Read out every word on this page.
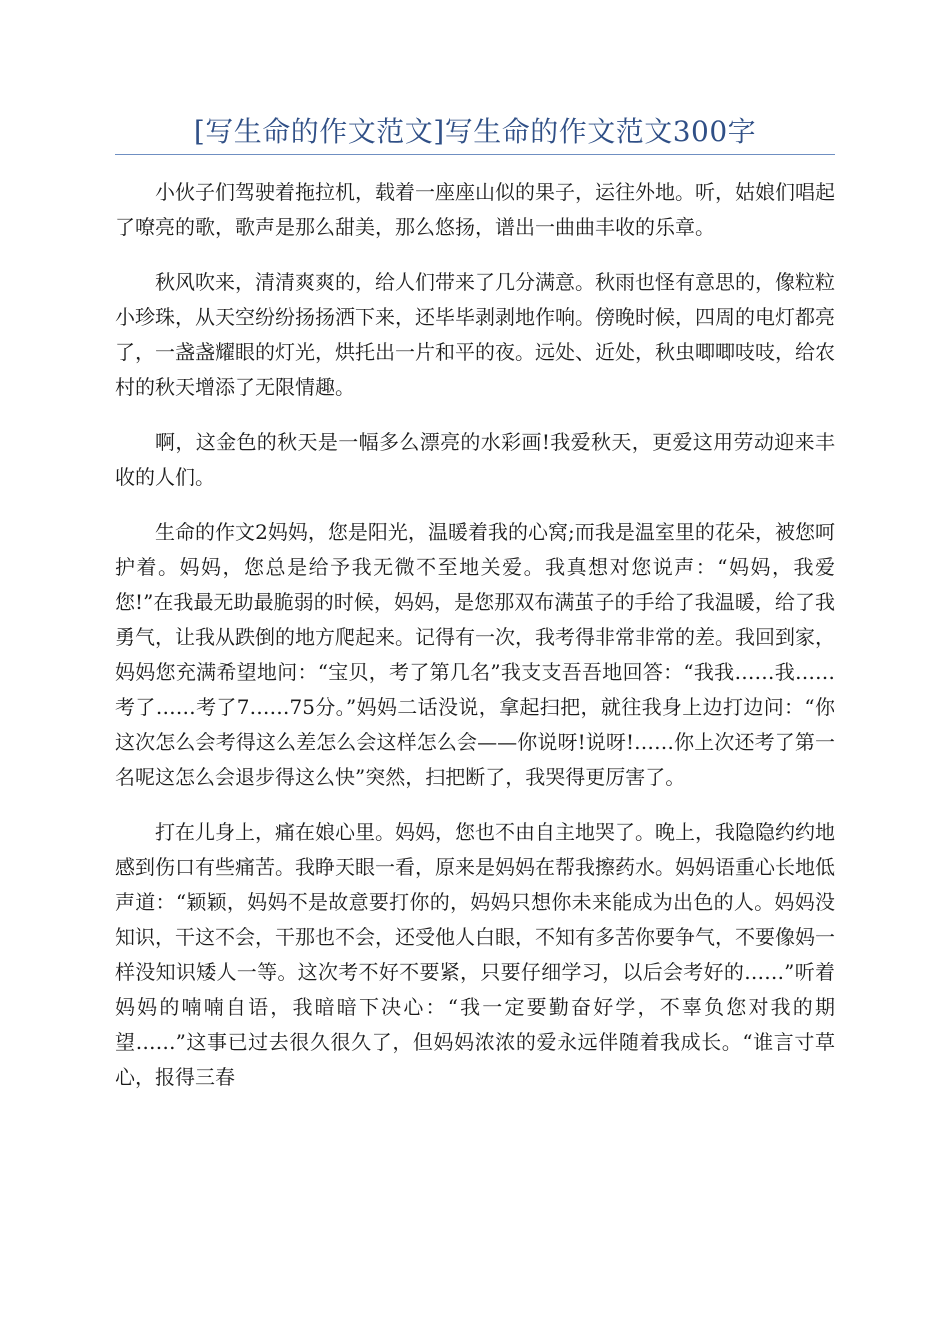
[写生命的作文范文]写生命的作文范文300字

小伙子们驾驶着拖拉机，载着一座座山似的果子，运往外地。听，姑娘们唱起了嘹亮的歌，歌声是那么甜美，那么悠扬，谱出一曲曲丰收的乐章。

秋风吹来，清清爽爽的，给人们带来了几分满意。秋雨也怪有意思的，像粒粒小珍珠，从天空纷纷扬扬洒下来，还毕毕剥剥地作响。傍晚时候，四周的电灯都亮了，一盏盏耀眼的灯光，烘托出一片和平的夜。远处、近处，秋虫唧唧吱吱，给农村的秋天增添了无限情趣。

啊，这金色的秋天是一幅多么漂亮的水彩画!我爱秋天，更爱这用劳动迎来丰收的人们。

生命的作文2妈妈，您是阳光，温暖着我的心窝;而我是温室里的花朵，被您呵护着。妈妈，您总是给予我无微不至地关爱。我真想对您说声：“妈妈，我爱您!”在我最无助最脆弱的时候，妈妈，是您那双布满茧子的手给了我温暖，给了我勇气，让我从跌倒的地方爬起来。记得有一次，我考得非常非常的差。我回到家，妈妈您充满希望地问：“宝贝，考了第几名”我支支吾吾地回答：“我我……我……考了……考了7……75分。”妈妈二话没说，拿起扫把，就往我身上边打边问：“你这次怎么会考得这么差怎么会这样怎么会——你说呀!说呀!……你上次还考了第一名呢这怎么会退步得这么快”突然，扫把断了，我哭得更厉害了。

打在儿身上，痛在娘心里。妈妈，您也不由自主地哭了。晚上，我隐隐约约地感到伤口有些痛苦。我睁天眼一看，原来是妈妈在帮我擦药水。妈妈语重心长地低声道：“颖颖，妈妈不是故意要打你的，妈妈只想你未来能成为出色的人。妈妈没知识，干这不会，干那也不会，还受他人白眼，不知有多苦你要争气，不要像妈一样没知识矮人一等。这次考不好不要紧，只要仔细学习，以后会考好的……”听着妈妈的喃喃自语，我暗暗下决心：“我一定要勤奋好学，不辜负您对我的期望……”这事已过去很久很久了，但妈妈浓浓的爱永远伴随着我成长。“谁言寸草心，报得三春
